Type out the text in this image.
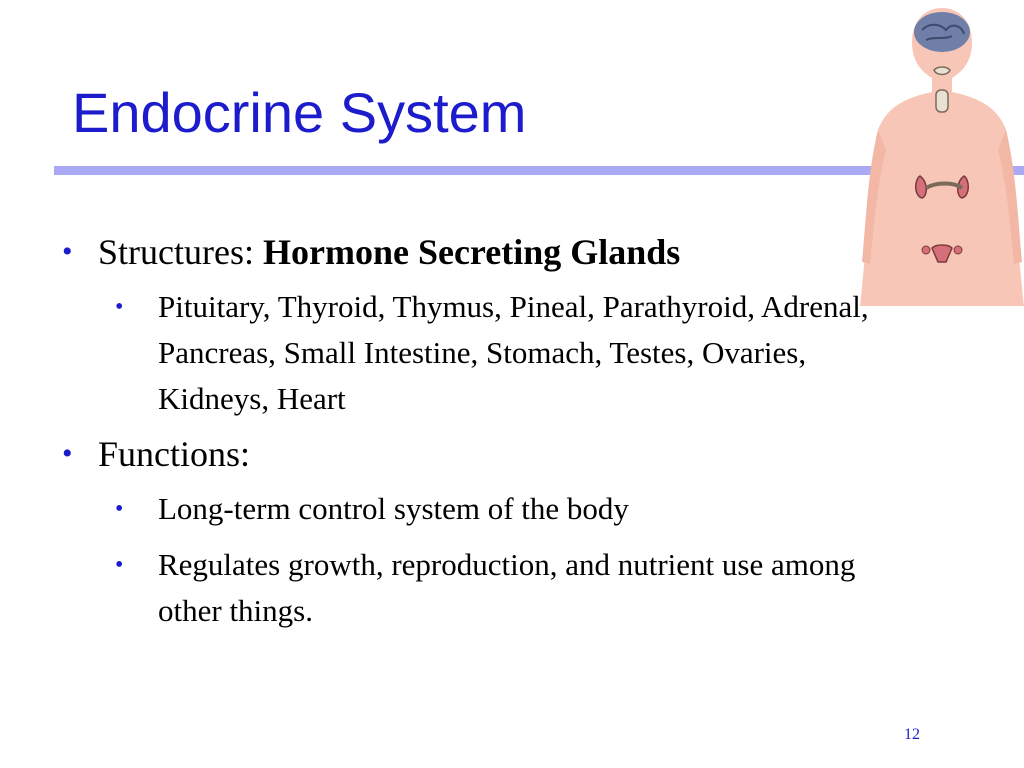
Endocrine System
• Structures: Hormone Secreting Glands
• Pituitary, Thyroid, Thymus, Pineal, Parathyroid, Adrenal, Pancreas, Small Intestine, Stomach, Testes, Ovaries, Kidneys, Heart
• Functions:
• Long-term control system of the body
• Regulates growth, reproduction, and nutrient use among other things.
12
